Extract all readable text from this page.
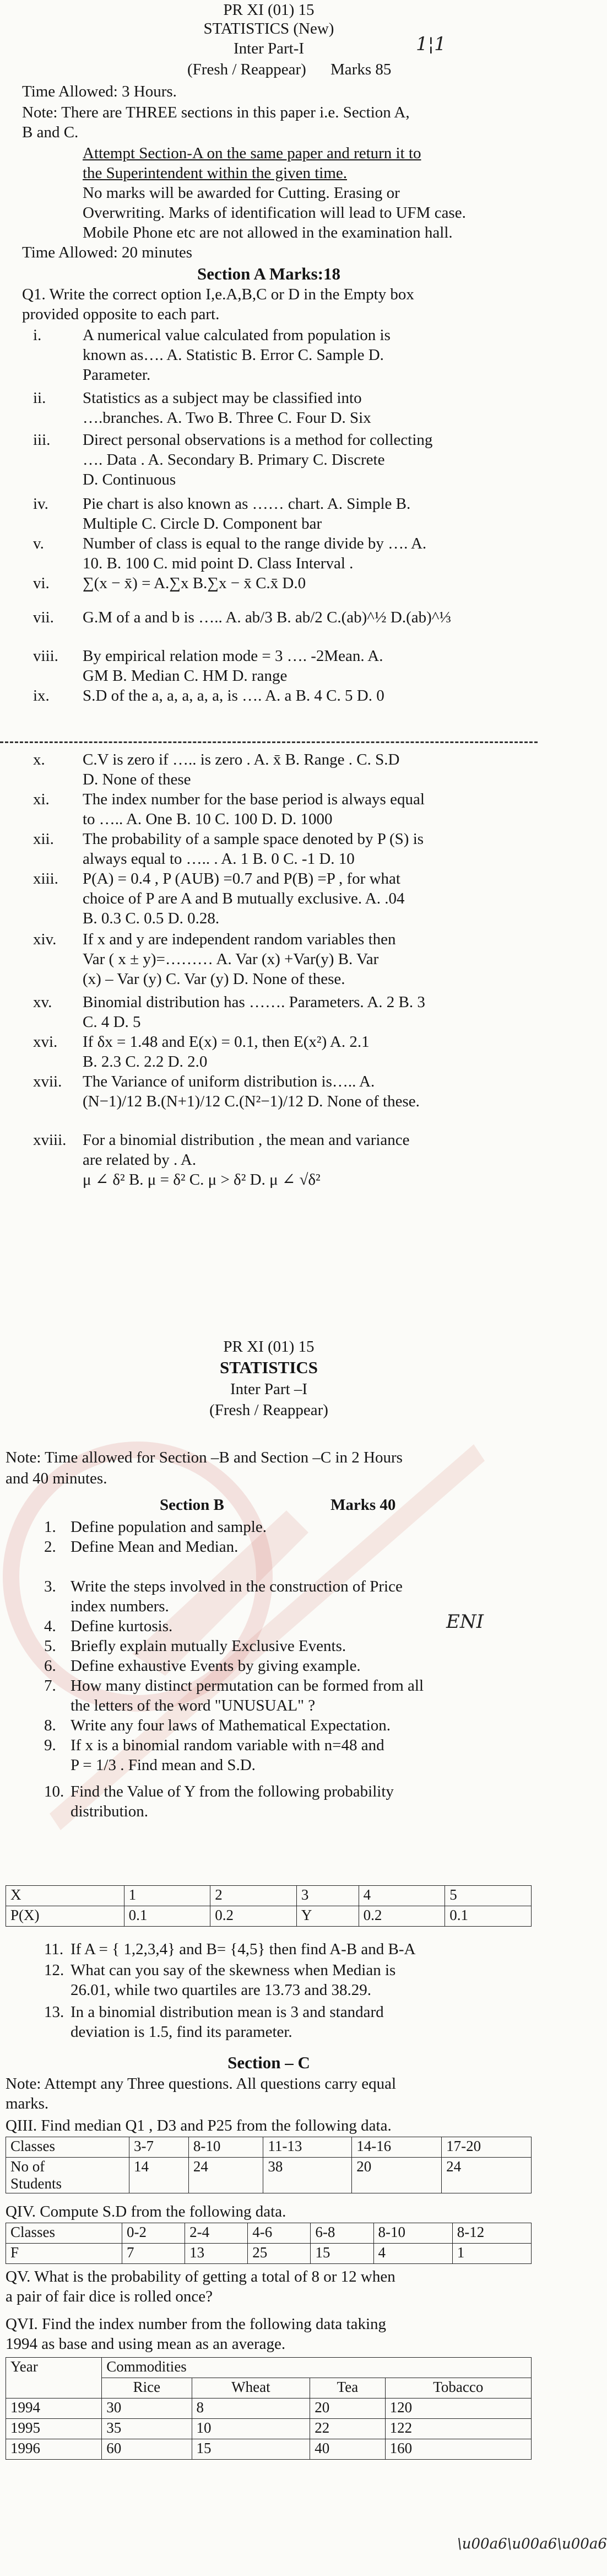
PR XI (01) 15
STATISTICS (New)
1¦1
Inter Part-I
(Fresh / Reappear) Marks 85
Time Allowed: 3 Hours.
Note: There are THREE sections in this paper i.e. Section A,
B and C.
Attempt Section-A on the same paper and return it to
the Superintendent within the given time.
No marks will be awarded for Cutting. Erasing or
Overwriting. Marks of identification will lead to UFM case.
Mobile Phone etc are not allowed in the examination hall.
Time Allowed: 20 minutes
Section A Marks:18
Q1. Write the correct option I,e.A,B,C or D in the Empty box
provided opposite to each part.
i.	A numerical value calculated from population is
known as…. A. Statistic B. Error C. Sample D.
Parameter.
ii. Statistics as a subject may be classified into
….branches. A. Two B. Three C. Four D. Six
iii. Direct personal observations is a method for collecting
…. Data . A. Secondary B. Primary C. Discrete
D. Continuous
iv. Pie chart is also known as …… chart. A. Simple B.
Multiple C. Circle D. Component bar
v. Number of class is equal to the range divide by …. A.
10. B. 100 C. mid point D. Class Interval .
vi. ∑(x − x̄) = A.∑x B.∑x − x̄ C.x̄ D.0
vii. G.M of a and b is ….. A. ab/3 B. ab/2 C.(ab)^½ D.(ab)^⅓
viii. By empirical relation mode = 3 …. -2Mean. A.
GM B. Median C. HM D. range
ix. S.D of the a, a, a, a, a, is …. A. a B. 4 C. 5 D. 0
x. C.V is zero if ….. is zero . A. x̄ B. Range . C. S.D
D. None of these
xi. The index number for the base period is always equal
to ….. A. One B. 10 C. 100 D. D. 1000
xii. The probability of a sample space denoted by P (S) is
always equal to ….. . A. 1 B. 0 C. -1 D. 10
xiii. P(A) = 0.4 , P (AUB) =0.7 and P(B) =P , for what
choice of P are A and B mutually exclusive. A. .04
B. 0.3 C. 0.5 D. 0.28.
xiv. If x and y are independent random variables then
Var ( x ± y)=……… A. Var (x) +Var(y) B. Var
(x) – Var (y) C. Var (y) D. None of these.
xv. Binomial distribution has ……. Parameters. A. 2 B. 3
C. 4 D. 5
xvi. If δx = 1.48 and E(x) = 0.1, then E(x²) A. 2.1
B. 2.3 C. 2.2 D. 2.0
xvii. The Variance of uniform distribution is….. A.
(N−1)/12 B.(N+1)/12 C.(N²−1)/12 D. None of these.
xviii. For a binomial distribution , the mean and variance
are related by . A.
μ ∠ δ² B. μ = δ² C. μ > δ² D. μ ∠ √δ²
PR XI (01) 15
STATISTICS
Inter Part –I
(Fresh / Reappear)
Note: Time allowed for Section –B and Section –C in 2 Hours
and 40 minutes.
Section B	Marks 40
1. Define population and sample.
2. Define Mean and Median.
3. Write the steps involved in the construction of Price
index numbers.
4. Define kurtosis.
5. Briefly explain mutually Exclusive Events.
6. Define exhaustive Events by giving example.
7. How many distinct permutation can be formed from all
the letters of the word "UNUSUAL" ?
8. Write any four laws of Mathematical Expectation.
9. If x is a binomial random variable with n=48 and
P = 1/3 . Find mean and S.D.
10. Find the Value of Y from the following probability
distribution.
ENI
X	1	2	3	4	5
P(X)	0.1	0.2	Y	0.2	0.1
11. If A = { 1,2,3,4} and B= {4,5} then find A-B and B-A
12. What can you say of the skewness when Median is
26.01, while two quartiles are 13.73 and 38.29.
13. In a binomial distribution mean is 3 and standard
deviation is 1.5, find its parameter.
Section – C
Note: Attempt any Three questions. All questions carry equal
marks.
QIII. Find median Q1 , D3 and P25 from the following data.
Classes	3-7	8-10	11-13	14-16	17-20
No of
Students	14	24	38	20	24
QIV. Compute S.D from the following data.
Classes	0-2	2-4	4-6	6-8	8-10	8-12
F	7	13	25	15	4	1
QV. What is the probability of getting a total of 8 or 12 when
a pair of fair dice is rolled once?
QVI. Find the index number from the following data taking
1994 as base and using mean as an average.
Year	Commodities			
	Rice	Wheat	Tea	Tobacco
1994	30	8	20	120
1995	35	10	22	122
1996	60	15	40	160
\u00a6\u00a6\u00a6
